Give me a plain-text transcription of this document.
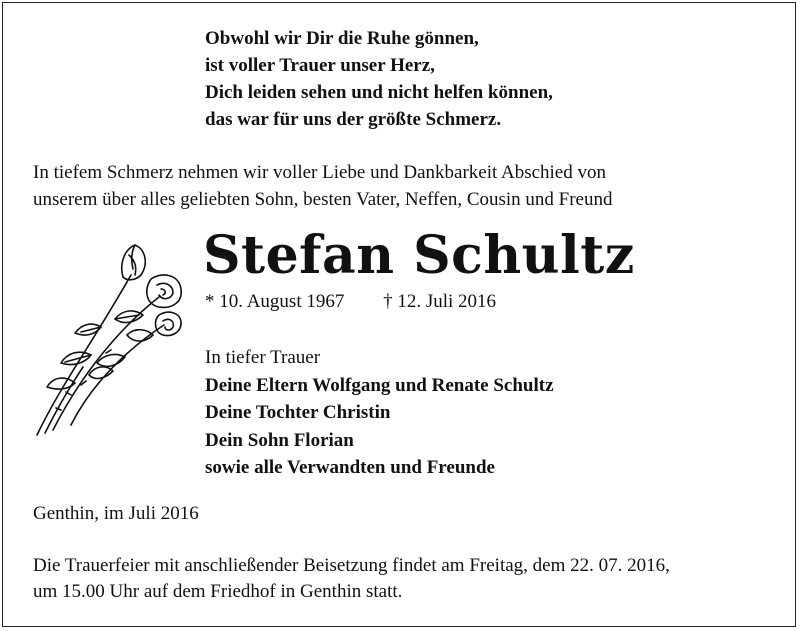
Obwohl wir Dir die Ruhe gönnen,
ist voller Trauer unser Herz,
Dich leiden sehen und nicht helfen können,
das war für uns der größte Schmerz.
In tiefem Schmerz nehmen wir voller Liebe und Dankbarkeit Abschied von
unserem über alles geliebten Sohn, besten Vater, Neffen, Cousin und Freund
Stefan Schultz
* 10. August 1967 † 12. Juli 2016
In tiefer Trauer
Deine Eltern Wolfgang und Renate Schultz
Deine Tochter Christin
Dein Sohn Florian
sowie alle Verwandten und Freunde
Genthin, im Juli 2016
Die Trauerfeier mit anschließender Beisetzung findet am Freitag, dem 22. 07. 2016,
um 15.00 Uhr auf dem Friedhof in Genthin statt.
